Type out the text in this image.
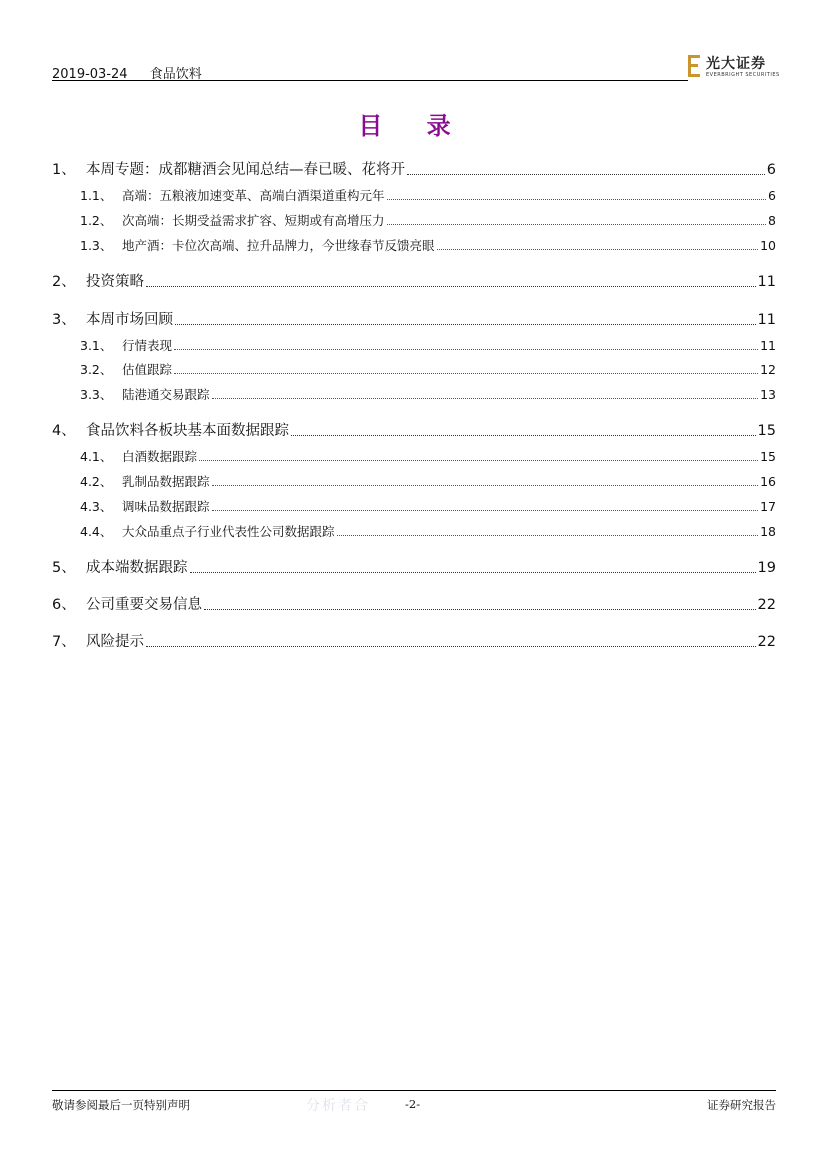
2019-03-24 食品饮料
光大证券
EVERBRIGHT SECURITIES
目 录
1、 本周专题：成都糖酒会见闻总结—春已暖、花将开	6
1.1、 高端：五粮液加速变革、高端白酒渠道重构元年	6
1.2、 次高端：长期受益需求扩容、短期或有高增压力	8
1.3、 地产酒：卡位次高端、拉升品牌力，今世缘春节反馈亮眼	10
2、 投资策略	11
3、 本周市场回顾	11
3.1、 行情表现	11
3.2、 估值跟踪	12
3.3、 陆港通交易跟踪	13
4、 食品饮料各板块基本面数据跟踪	15
4.1、 白酒数据跟踪	15
4.2、 乳制品数据跟踪	16
4.3、 调味品数据跟踪	17
4.4、 大众品重点子行业代表性公司数据跟踪	18
5、 成本端数据跟踪	19
6、 公司重要交易信息	22
7、 风险提示	22
分析者合
敬请参阅最后一页特别声明	-2-	证券研究报告
